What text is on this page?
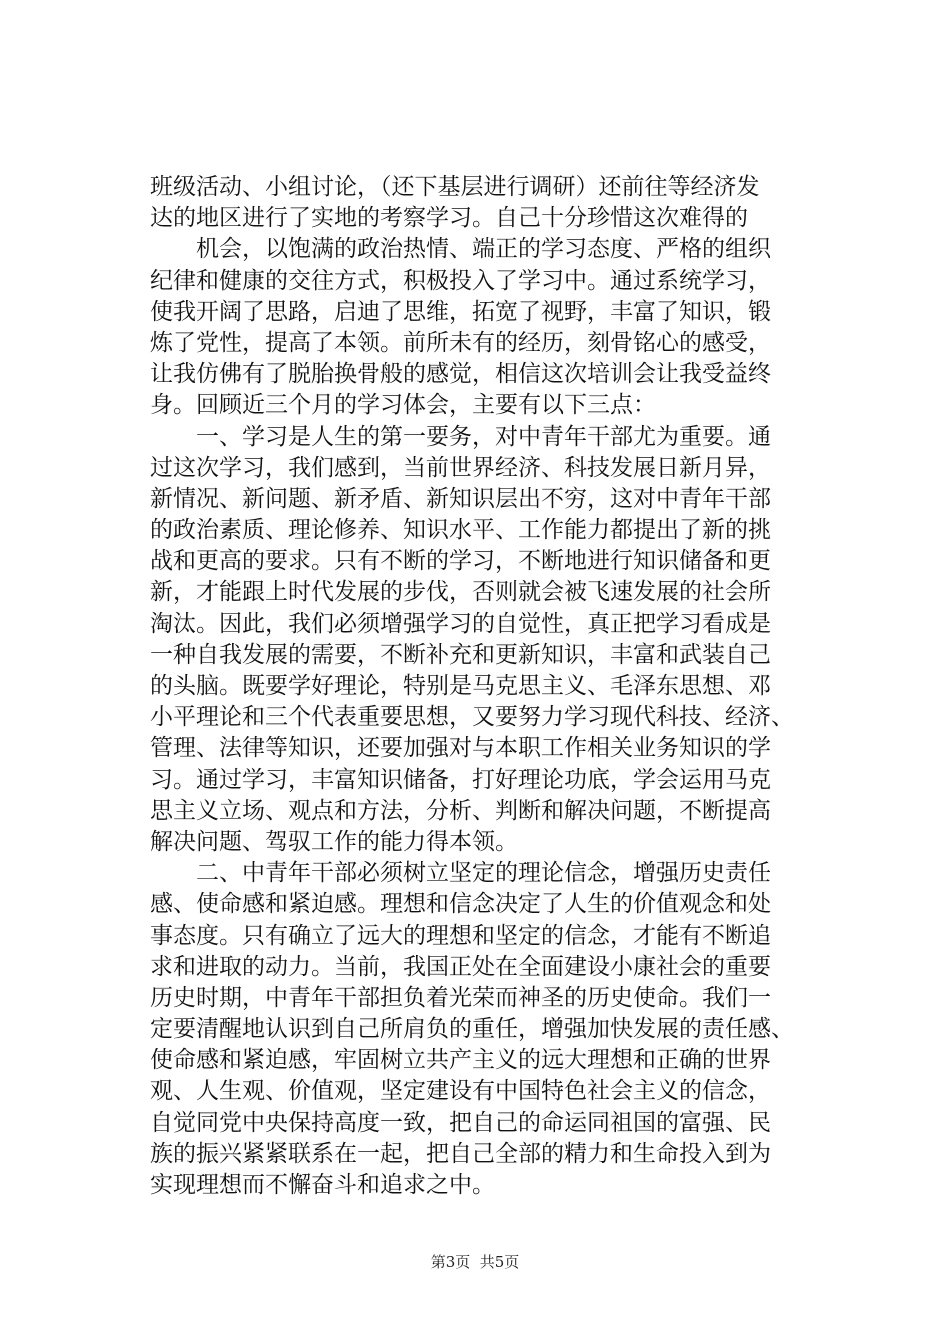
班级活动、小组讨论，（还下基层进行调研）还前往等经济发
达的地区进行了实地的考察学习。自己十分珍惜这次难得的
　　机会，以饱满的政治热情、端正的学习态度、严格的组织
纪律和健康的交往方式，积极投入了学习中。通过系统学习，
使我开阔了思路，启迪了思维，拓宽了视野，丰富了知识，锻
炼了党性，提高了本领。前所未有的经历，刻骨铭心的感受，
让我仿佛有了脱胎换骨般的感觉，相信这次培训会让我受益终
身。回顾近三个月的学习体会，主要有以下三点：
　　一、学习是人生的第一要务，对中青年干部尤为重要。通
过这次学习，我们感到，当前世界经济、科技发展日新月异，
新情况、新问题、新矛盾、新知识层出不穷，这对中青年干部
的政治素质、理论修养、知识水平、工作能力都提出了新的挑
战和更高的要求。只有不断的学习，不断地进行知识储备和更
新，才能跟上时代发展的步伐，否则就会被飞速发展的社会所
淘汰。因此，我们必须增强学习的自觉性，真正把学习看成是
一种自我发展的需要，不断补充和更新知识，丰富和武装自己
的头脑。既要学好理论，特别是马克思主义、毛泽东思想、邓
小平理论和三个代表重要思想，又要努力学习现代科技、经济、
管理、法律等知识，还要加强对与本职工作相关业务知识的学
习。通过学习，丰富知识储备，打好理论功底，学会运用马克
思主义立场、观点和方法，分析、判断和解决问题，不断提高
解决问题、驾驭工作的能力得本领。
　　二、中青年干部必须树立坚定的理论信念，增强历史责任
感、使命感和紧迫感。理想和信念决定了人生的价值观念和处
事态度。只有确立了远大的理想和坚定的信念，才能有不断追
求和进取的动力。当前，我国正处在全面建设小康社会的重要
历史时期，中青年干部担负着光荣而神圣的历史使命。我们一
定要清醒地认识到自己所肩负的重任，增强加快发展的责任感、
使命感和紧迫感，牢固树立共产主义的远大理想和正确的世界
观、人生观、价值观，坚定建设有中国特色社会主义的信念，
自觉同党中央保持高度一致，把自己的命运同祖国的富强、民
族的振兴紧紧联系在一起，把自己全部的精力和生命投入到为
实现理想而不懈奋斗和追求之中。
第3页  共5页
